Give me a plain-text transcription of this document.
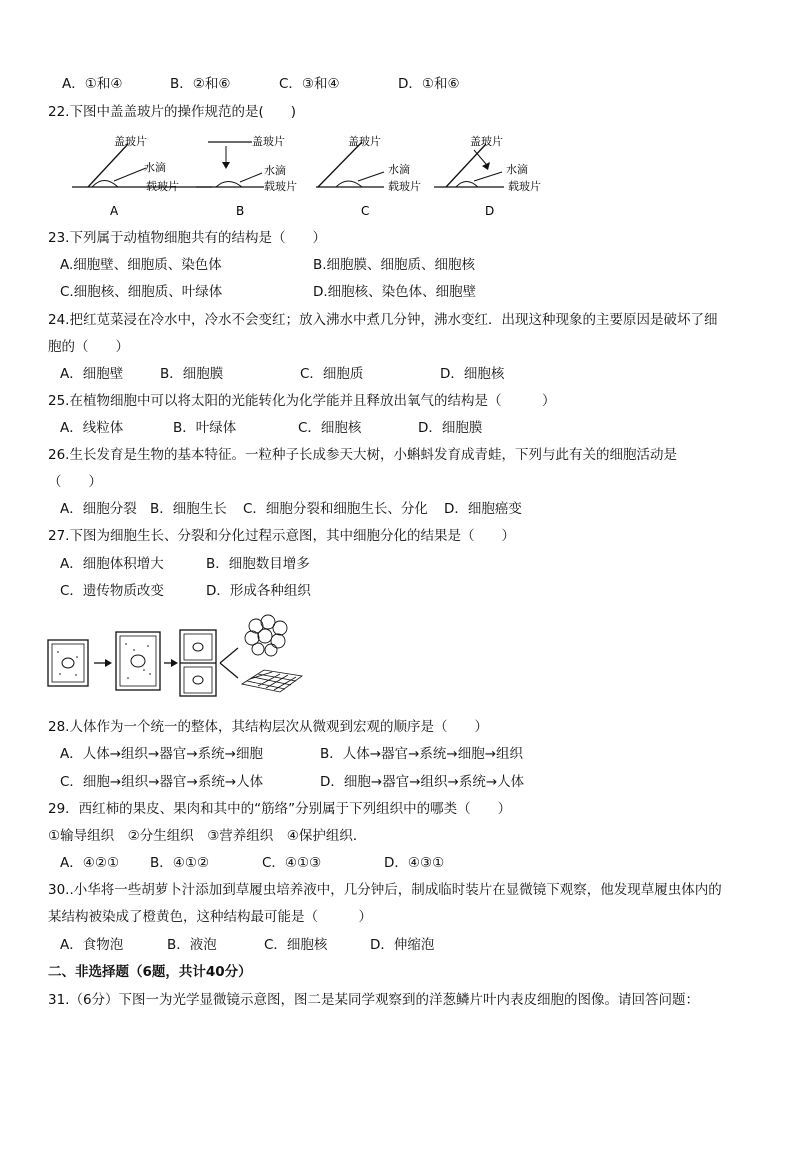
A．①和④	B．②和⑥	C．③和④	D．①和⑥
22.下图中盖盖玻片的操作规范的是(　　)
盖玻片
水滴
载玻片
A
盖玻片
水滴
载玻片
B
盖玻片
水滴
载玻片
C
盖玻片
水滴
载玻片
D
23.下列属于动植物细胞共有的结构是（　　）
A.细胞壁、细胞质、染色体	B.细胞膜、细胞质、细胞核
C.细胞核、细胞质、叶绿体	D.细胞核、染色体、细胞壁
24.把红苋菜浸在冷水中，冷水不会变红；放入沸水中煮几分钟，沸水变红．出现这种现象的主要原因是破坏了细
胞的（　　）
A．细胞壁	B．细胞膜	C．细胞质	D．细胞核
25.在植物细胞中可以将太阳的光能转化为化学能并且释放出氧气的结构是（　　　）
A．线粒体	B．叶绿体	C．细胞核	D．细胞膜
26.生长发育是生物的基本特征。一粒种子长成参天大树，小蝌蚪发育成青蛙，下列与此有关的细胞活动是
（　　）
A．细胞分裂 B．细胞生长 C．细胞分裂和细胞生长、分化 D．细胞癌变
27.下图为细胞生长、分裂和分化过程示意图，其中细胞分化的结果是（　　）
A．细胞体积增大	B．细胞数目增多
C．遗传物质改变	D．形成各种组织
28.人体作为一个统一的整体，其结构层次从微观到宏观的顺序是（　　）
A．人体→组织→器官→系统→细胞	B．人体→器官→系统→细胞→组织
C．细胞→组织→器官→系统→人体	D．细胞→器官→组织→系统→人体
29．西红柿的果皮、果肉和其中的“筋络”分别属于下列组织中的哪类（　　）
①输导组织　②分生组织　③营养组织　④保护组织．
A．④②① B．④①②	C．④①③	D．④③①
30..小华将一些胡萝卜汁添加到草履虫培养液中，几分钟后，制成临时装片在显微镜下观察，他发现草履虫体内的
某结构被染成了橙黄色，这种结构最可能是（　　　）
A．食物泡	B．液泡	C．细胞核	D．伸缩泡
二、非选择题（6题，共计40分）
31.（6分）下图一为光学显微镜示意图，图二是某同学观察到的洋葱鳞片叶内表皮细胞的图像。请回答问题：
